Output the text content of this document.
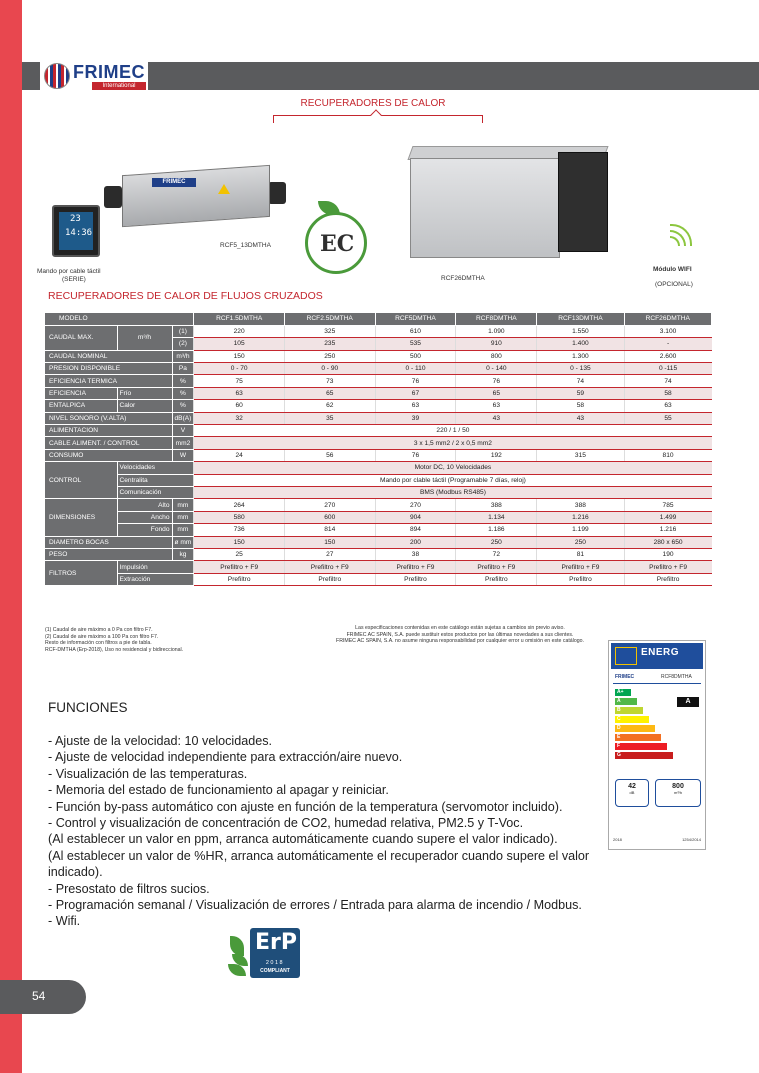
FRIMEC
International
RECUPERADORES DE CALOR
23
14:36
Mando por cable táctil
(SERIE)
FRIMEC
RCF5_13DMTHA EC
RCF26DMTHA
Módulo WIFI
(OPCIONAL)
RECUPERADORES DE CALOR DE FLUJOS CRUZADOS
MODELO			RCF1.5DMTHA	RCF2.5DMTHA	RCF5DMTHA	RCF8DMTHA	RCF13DMTHA	RCF26DMTHA
CAUDAL MAX.	m³/h	(1)	220	325	610	1.090	1.550	3.100
		(2)	105	235	535	910	1.400	-
CAUDAL NOMINAL		m³/h	150	250	500	800	1.300	2.600
PRESION DISPONIBLE		Pa	0 - 70	0 - 90	0 - 110	0 - 140	0 - 135	0 -115
EFICIENCIA TERMICA		%	75	73	76	76	74	74
EFICIENCIA	Frío	%	63	65	67	65	59	58
ENTALPICA	Calor	%	60	62	63	63	58	63
NIVEL SONORO (V.ALTA)		dB(A)	32	35	39	43	43	55
ALIMENTACION		V	220 / 1 / 50					
CABLE ALIMENT. / CONTROL		mm2	3 x 1,5 mm2 / 2 x 0,5 mm2					
CONSUMO		W	24	56	76	192	315	810
CONTROL	Velocidades		Motor DC, 10 Velocidades					
	Centralita		Mando por clable táctil (Programable 7 días, reloj)					
	Comunicación		BMS (Modbus RS485)					
DIMENSIONES	Alto	mm	264	270	270	388	388	785
	Ancho	mm	580	600	904	1.134	1.216	1.499
	Fondo	mm	736	814	894	1.186	1.199	1.216
DIAMETRO BOCAS		ø mm	150	150	200	250	250	280 x 650
PESO		kg	25	27	38	72	81	190
FILTROS	Impulsión		Prefiltro + F9	Prefiltro + F9	Prefiltro + F9	Prefiltro + F9	Prefiltro + F9	Prefiltro + F9
	Extracción		Prefiltro	Prefiltro	Prefiltro	Prefiltro	Prefiltro	Prefiltro
(1) Caudal de aire máximo a 0 Pa con filtro F7.
(2) Caudal de aire máximo a 100 Pa con filtro F7.
Resto de información con filtros a pie de tabla.
RCF-DMTHA (Erp-2018), Uso no residencial y bidireccional.
Las especificaciones contenidas en este catálogo están sujetas a cambios sin previo aviso.
FRIMEC AC SPAIN, S.A. puede sustituir estos productos por las últimas novedades a sus clientes.
FRIMEC AC SPAIN, S.A. no asume ninguna responsabilidad por cualquier error u omisión en este catálogo.
ENERG
FRIMEC	RCF8DMTHA
A+
A
B
C
D
E
F
G
A
42
dB
800
m³/h
2018	1254/2014
FUNCIONES
- Ajuste de la velocidad: 10 velocidades.
- Ajuste de velocidad independiente para extracción/aire nuevo.
- Visualización de las temperaturas.
- Memoria del estado de funcionamiento al apagar y reiniciar.
- Función by-pass automático con ajuste en función de la temperatura (servomotor incluido).
- Control y visualización de concentración de CO2, humedad relativa, PM2.5 y T-Voc.
(Al establecer un valor en ppm, arranca automáticamente cuando supere el valor indicado).
(Al establecer un valor de %HR, arranca automáticamente el recuperador cuando supere el valor indicado).
- Presostato de filtros sucios.
- Programación semanal / Visualización de errores / Entrada para alarma de incendio / Modbus.
- Wifi.
ErP
2018
COMPLIANT
54
